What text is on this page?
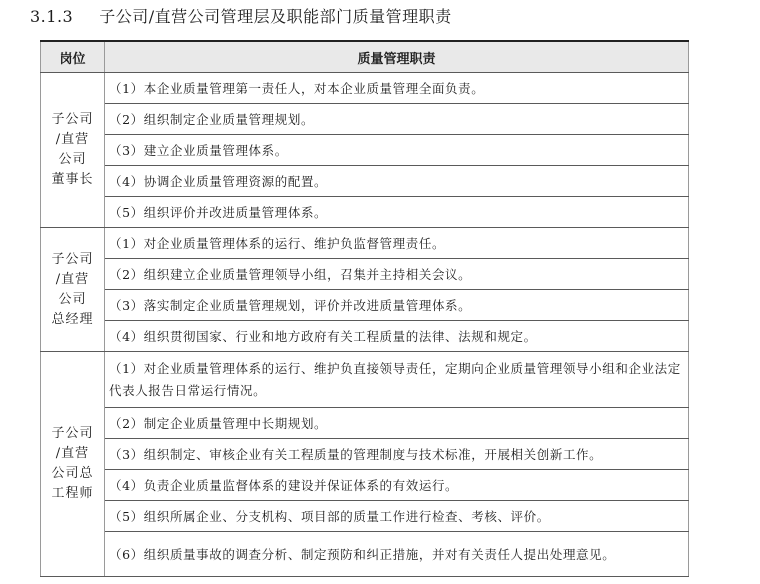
3.1.3 子公司/直营公司管理层及职能部门质量管理职责
岗位	质量管理职责

子公司
/直营
公司
董事长	（1）本企业质量管理第一责任人，对本企业质量管理全面负责。
	（2）组织制定企业质量管理规划。
	（3）建立企业质量管理体系。
	（4）协调企业质量管理资源的配置。
	（5）组织评价并改进质量管理体系。

子公司
/直营
公司
总经理	（1）对企业质量管理体系的运行、维护负监督管理责任。
	（2）组织建立企业质量管理领导小组，召集并主持相关会议。
	（3）落实制定企业质量管理规划，评价并改进质量管理体系。
	（4）组织贯彻国家、行业和地方政府有关工程质量的法律、法规和规定。

子公司
/直营
公司总
工程师	（1）对企业质量管理体系的运行、维护负直接领导责任，定期向企业质量管理领导小组和企业法定代表人报告日常运行情况。
	（2）制定企业质量管理中长期规划。
	（3）组织制定、审核企业有关工程质量的管理制度与技术标准，开展相关创新工作。
	（4）负责企业质量监督体系的建设并保证体系的有效运行。
	（5）组织所属企业、分支机构、项目部的质量工作进行检查、考核、评价。
	（6）组织质量事故的调查分析、制定预防和纠正措施，并对有关责任人提出处理意见。
